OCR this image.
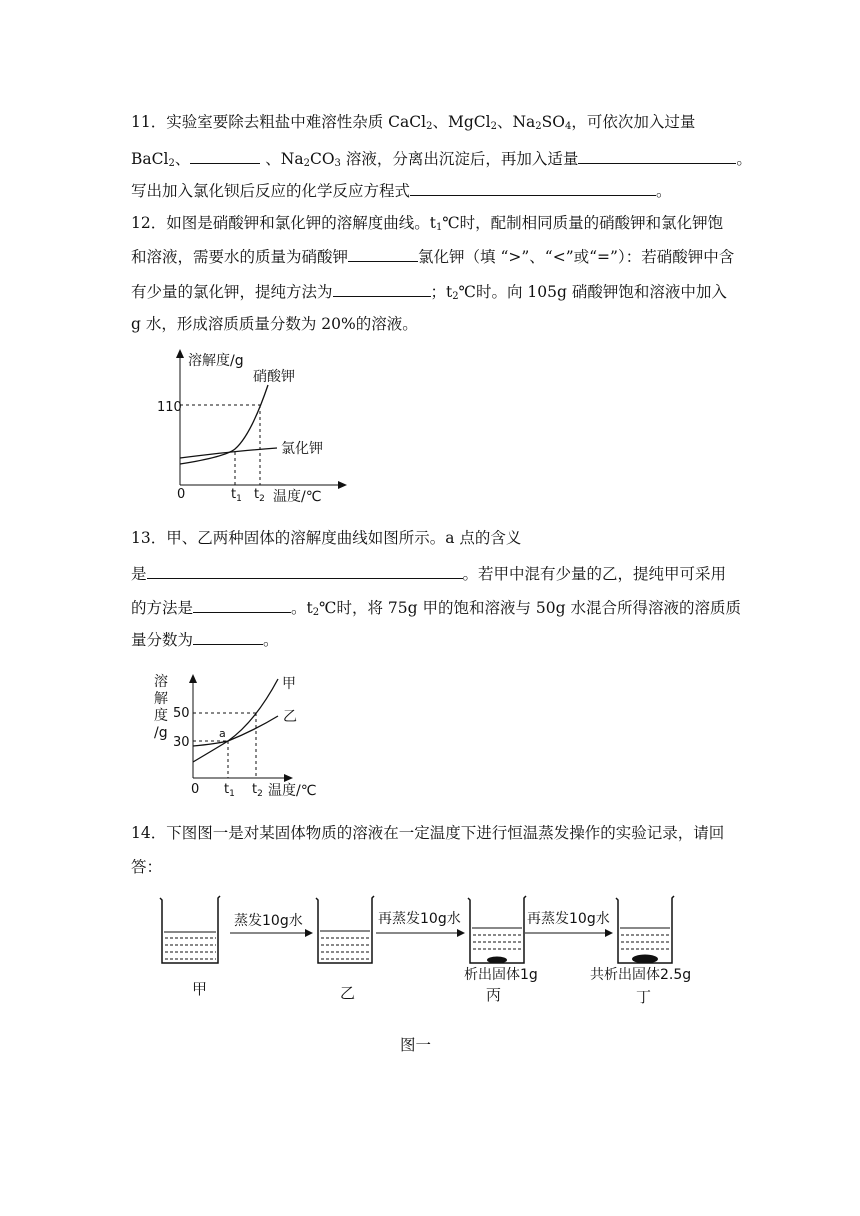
11．实验室要除去粗盐中难溶性杂质 CaCl$_2$、MgCl$_2$、$Na_2SO_4$，可依次加入过量
BaCl$_2$、	、$Na_2CO_3$ 溶液，分离出沉淀后，再加入适量	。
写出加入氯化钡后反应的化学反应方程式	。
12．如图是硝酸钾和氯化钾的溶解度曲线。$t_1℃$时，配制相同质量的硝酸钾和氯化钾饱
和溶液，需要水的质量为硝酸钾	氯化钾（填 “>”、“<”或“=”）：若硝酸钾中含
有少量的氯化钾，提纯方法为	；$t_2℃$时。向 105g 硝酸钾饱和溶液中加入
g 水，形成溶质质量分数为 20%的溶液。
溶解度/g
硝酸钾
氯化钾
110
0	$t_1$ $t_2$ 温度/℃
13．甲、乙两种固体的溶解度曲线如图所示。a 点的含义
是	。若甲中混有少量的乙，提纯甲可采用
的方法是	。$t_2℃$时，将 75g 甲的饱和溶液与 50g 水混合所得溶液的溶质质
量分数为	。
溶
解
度
/g
50
30
0 $t_1$ $t_2$ 温度/℃
甲
乙
a
14．下图图一是对某固体物质的溶液在一定温度下进行恒温蒸发操作的实验记录，请回
答：
蒸发10g水	再蒸发10g水	再蒸发10g水
析出固体1g	共析出固体2.5g
甲	乙	丙	丁
图一
